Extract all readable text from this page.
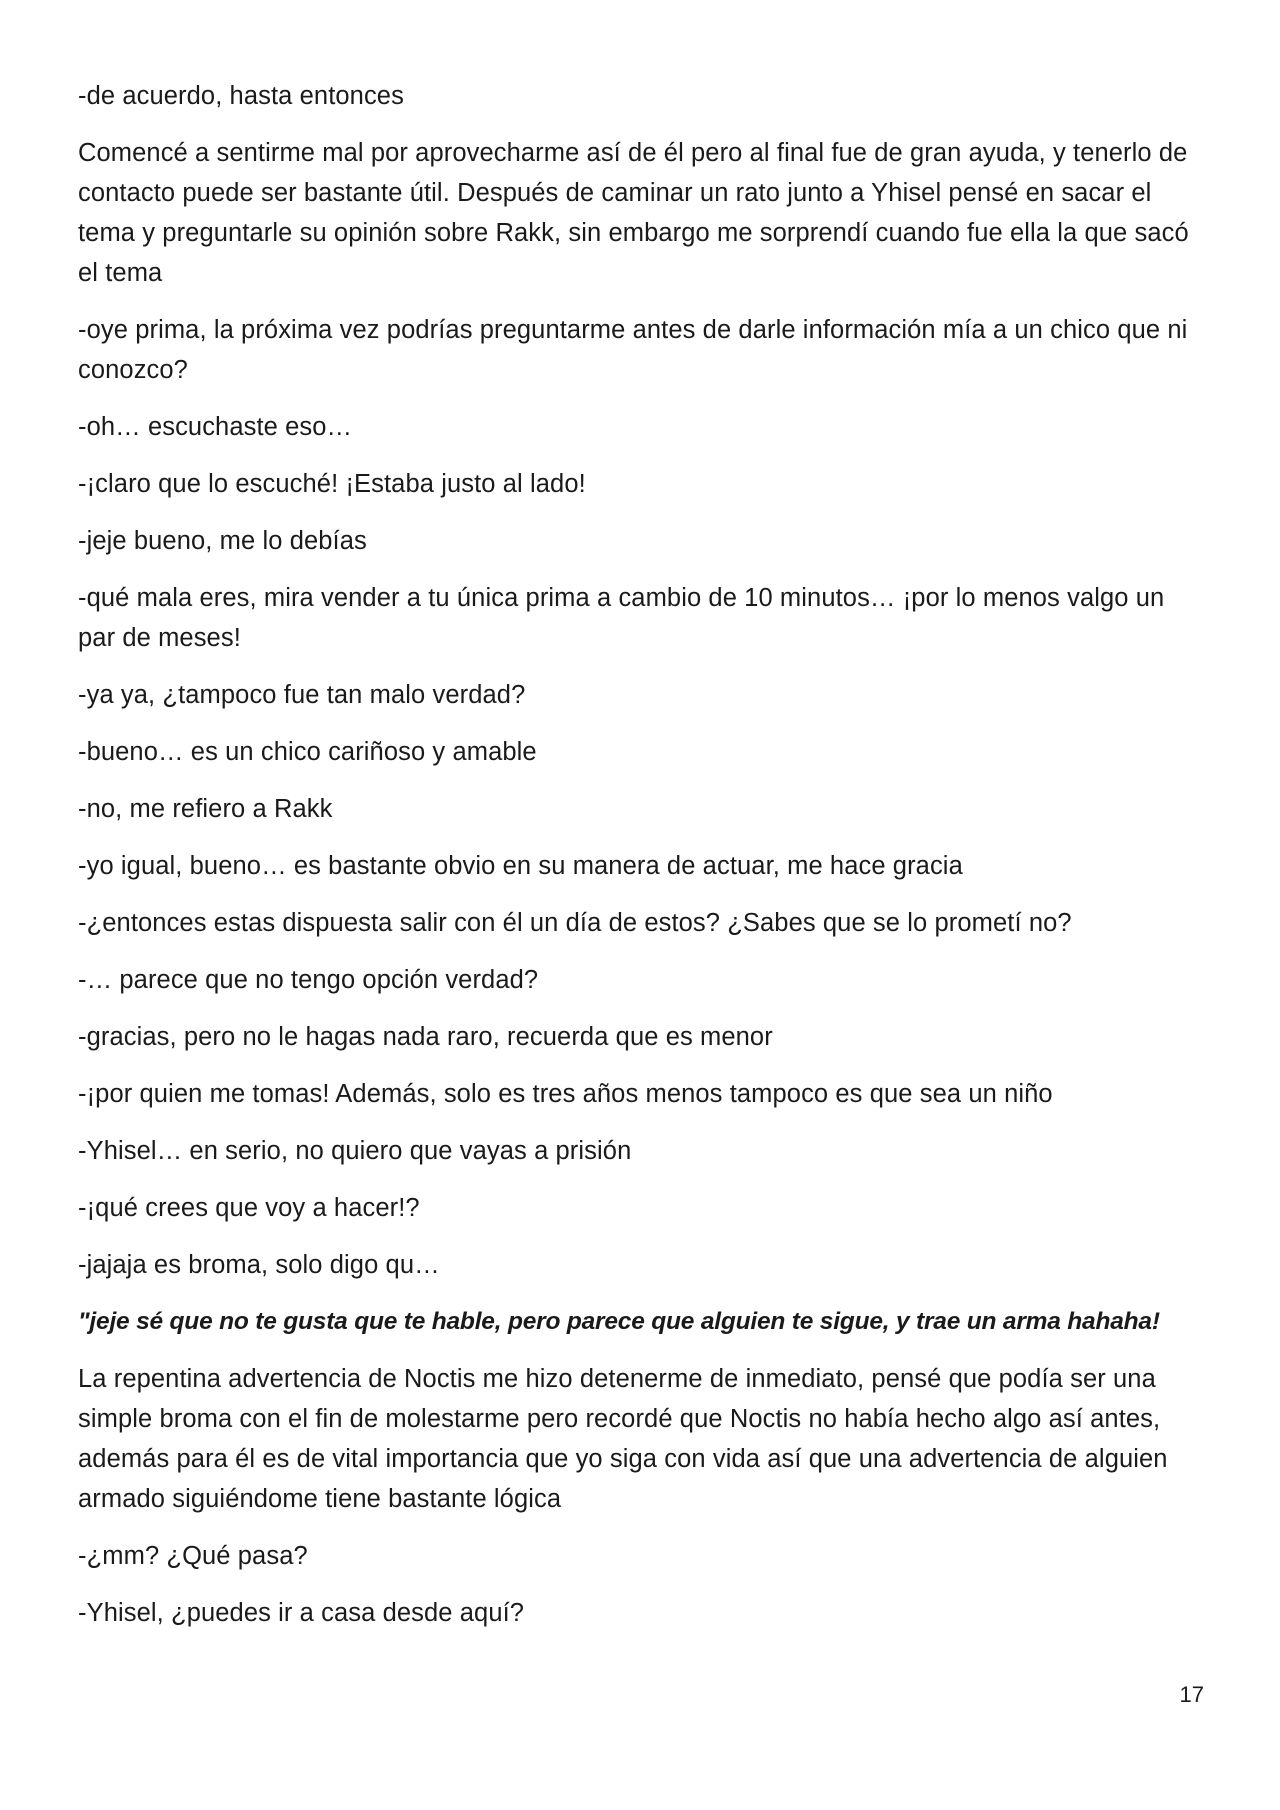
-de acuerdo, hasta entonces

Comencé a sentirme mal por aprovecharme así de él pero al final fue de gran ayuda, y tenerlo de contacto puede ser bastante útil. Después de caminar un rato junto a Yhisel pensé en sacar el tema y preguntarle su opinión sobre Rakk, sin embargo me sorprendí cuando fue ella la que sacó el tema

-oye prima, la próxima vez podrías preguntarme antes de darle información mía a un chico que ni conozco?

-oh… escuchaste eso…

-¡claro que lo escuché! ¡Estaba justo al lado!

-jeje bueno, me lo debías

-qué mala eres, mira vender a tu única prima a cambio de 10 minutos… ¡por lo menos valgo un par de meses!

-ya ya, ¿tampoco fue tan malo verdad?

-bueno… es un chico cariñoso y amable

-no, me refiero a Rakk

-yo igual, bueno… es bastante obvio en su manera de actuar, me hace gracia

-¿entonces estas dispuesta salir con él un día de estos? ¿Sabes que se lo prometí no?

-… parece que no tengo opción verdad?

-gracias, pero no le hagas nada raro, recuerda que es menor

-¡por quien me tomas! Además, solo es tres años menos tampoco es que sea un niño

-Yhisel… en serio, no quiero que vayas a prisión

-¡qué crees que voy a hacer!?

-jajaja es broma, solo digo qu…

"jeje sé que no te gusta que te hable, pero parece que alguien te sigue, y trae un arma hahaha!

La repentina advertencia de Noctis me hizo detenerme de inmediato, pensé que podía ser una simple broma con el fin de molestarme pero recordé que Noctis no había hecho algo así antes, además para él es de vital importancia que yo siga con vida así que una advertencia de alguien armado siguiéndome tiene bastante lógica

-¿mm? ¿Qué pasa?

-Yhisel, ¿puedes ir a casa desde aquí?

17
